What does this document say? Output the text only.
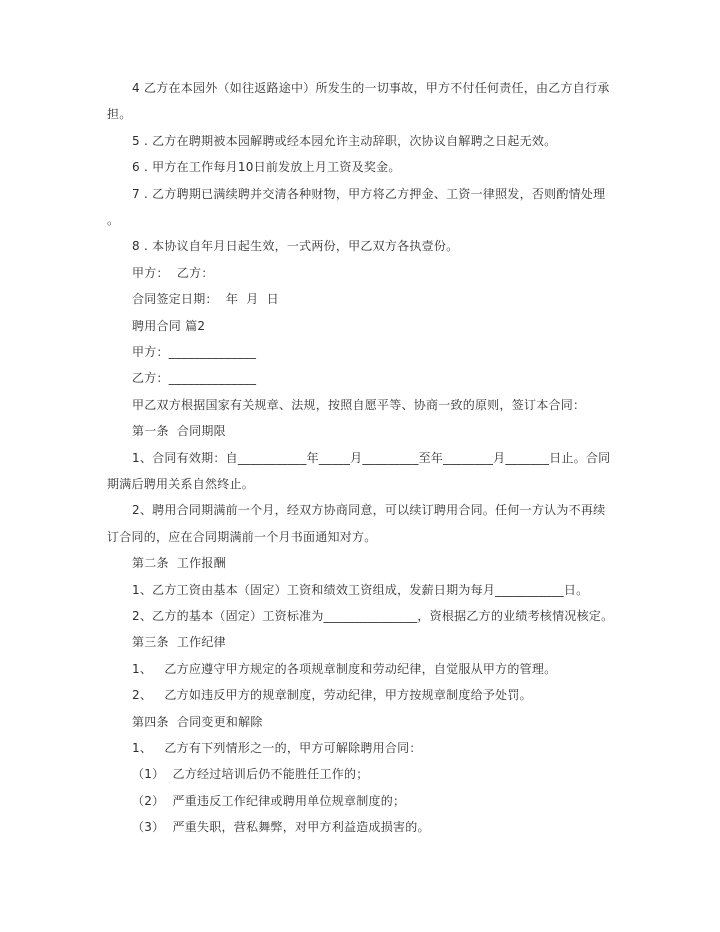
4 乙方在本园外（如往返路途中）所发生的一切事故，甲方不付任何责任，由乙方自行承
担。
5 . 乙方在聘期被本园解聘或经本园允许主动辞职，次协议自解聘之日起无效。
6 . 甲方在工作每月10日前发放上月工资及奖金。
7 . 乙方聘期已满续聘并交清各种财物，甲方将乙方押金、工资一律照发，否则酌情处理
。
8 . 本协议自年月日起生效，一式两份，甲乙双方各执壹份。
甲方：  乙方：
合同签定日期：  年  月  日
聘用合同 篇2
甲方：______________
乙方：______________
甲乙双方根据国家有关规章、法规，按照自愿平等、协商一致的原则，签订本合同：
第一条  合同期限
1、合同有效期：自___________年_____月_________至年________月_______日止。合同
期满后聘用关系自然终止。
2、聘用合同期满前一个月，经双方协商同意，可以续订聘用合同。任何一方认为不再续
订合同的，应在合同期满前一个月书面通知对方。
第二条  工作报酬
1、乙方工资由基本（固定）工资和绩效工资组成，发薪日期为每月___________日。
2、乙方的基本（固定）工资标准为_______________，资根据乙方的业绩考核情况核定。
第三条  工作纪律
1、   乙方应遵守甲方规定的各项规章制度和劳动纪律，自觉服从甲方的管理。
2、   乙方如违反甲方的规章制度，劳动纪律，甲方按规章制度给予处罚。
第四条  合同变更和解除
1、   乙方有下列情形之一的，甲方可解除聘用合同：
（1）  乙方经过培训后仍不能胜任工作的；
（2）  严重违反工作纪律或聘用单位规章制度的；
（3）  严重失职，营私舞弊，对甲方利益造成损害的。
